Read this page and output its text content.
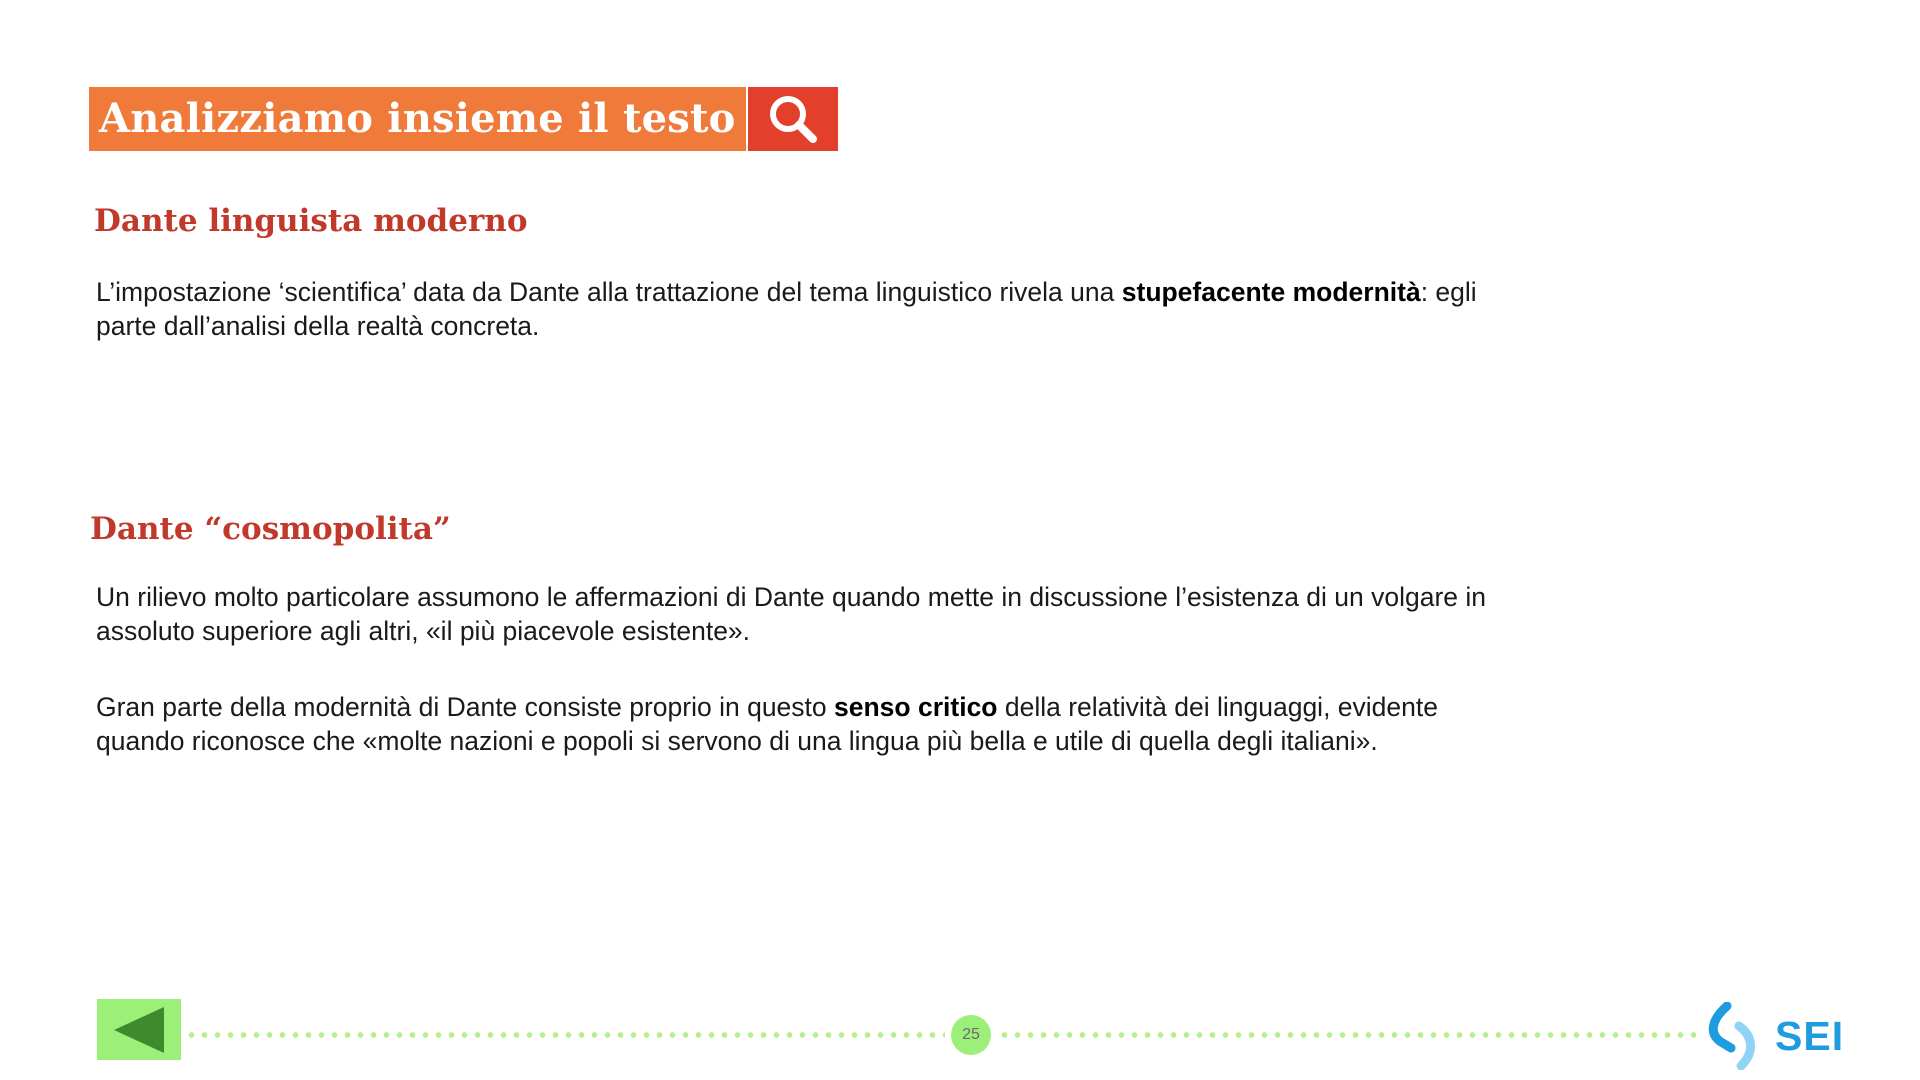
Analizziamo insieme il testo
Dante linguista moderno

L’impostazione ‘scientifica’ data da Dante alla trattazione del tema linguistico rivela una stupefacente modernità: egli parte dall’analisi della realtà concreta.

Dante “cosmopolita”

Un rilievo molto particolare assumono le affermazioni di Dante quando mette in discussione l’esistenza di un volgare in assoluto superiore agli altri, «il più piacevole esistente».

Gran parte della modernità di Dante consiste proprio in questo senso critico della relatività dei linguaggi, evidente quando riconosce che «molte nazioni e popoli si servono di una lingua più bella e utile di quella degli italiani».

25	SEI
